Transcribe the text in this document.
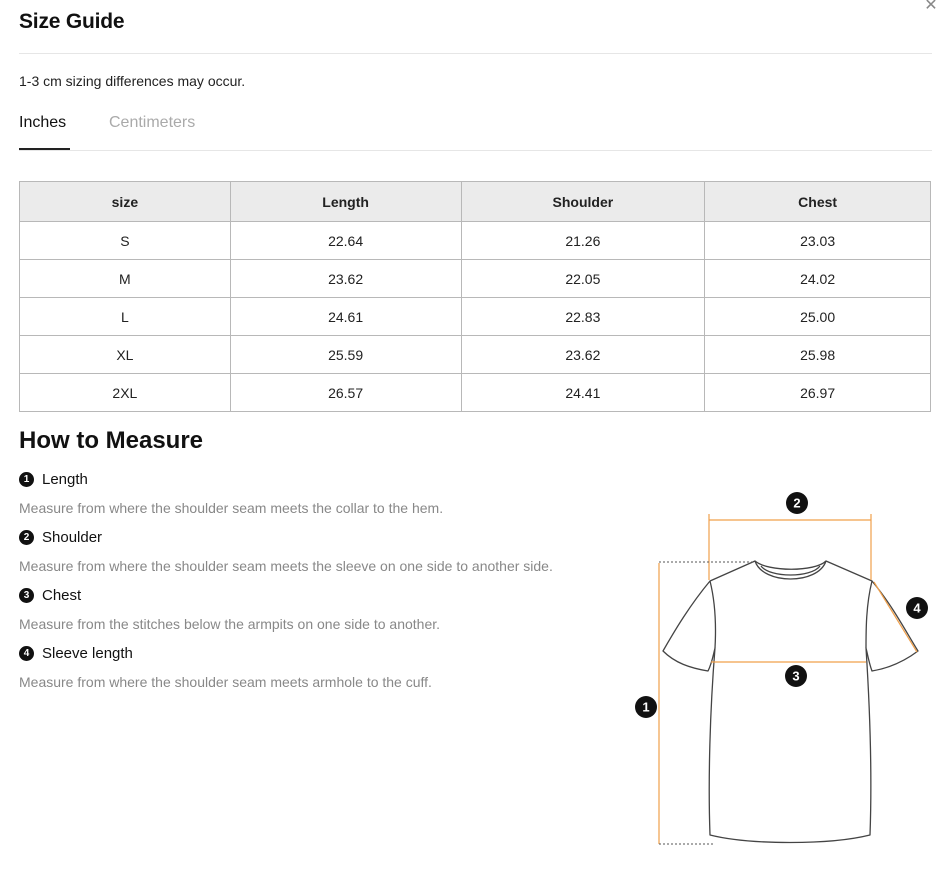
✕
Size Guide
1-3 cm sizing differences may occur.
Inches	Centimeters
size	Length	Shoulder	Chest
S	22.64	21.26	23.03
M	23.62	22.05	24.02
L	24.61	22.83	25.00
XL	25.59	23.62	25.98
2XL	26.57	24.41	26.97
How to Measure
1 Length
Measure from where the shoulder seam meets the collar to the hem.
2 Shoulder
Measure from where the shoulder seam meets the sleeve on one side to another side.
3 Chest
Measure from the stitches below the armpits on one side to another.
4 Sleeve length
Measure from where the shoulder seam meets armhole to the cuff.
1
2
3
4
